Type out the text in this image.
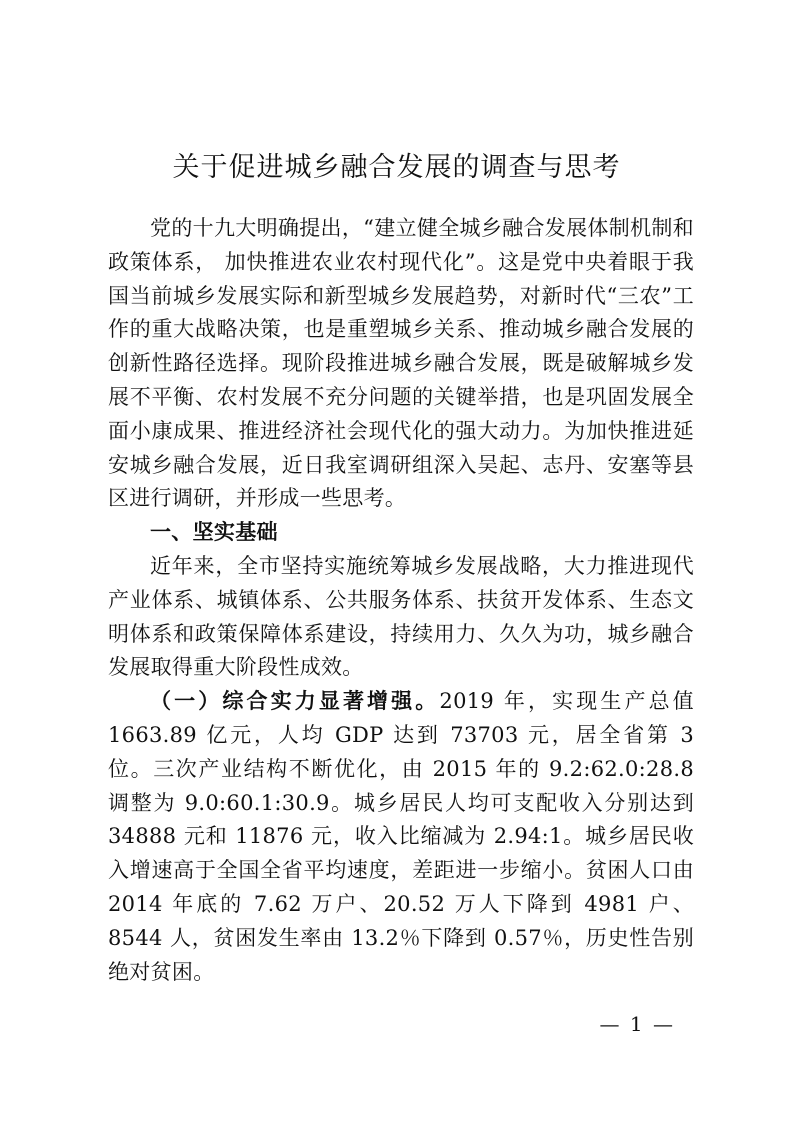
关于促进城乡融合发展的调查与思考

党的十九大明确提出，“建立健全城乡融合发展体制机制和政策体系， 加快推进农业农村现代化”。这是党中央着眼于我国当前城乡发展实际和新型城乡发展趋势，对新时代“三农”工作的重大战略决策，也是重塑城乡关系、推动城乡融合发展的创新性路径选择。现阶段推进城乡融合发展，既是破解城乡发展不平衡、农村发展不充分问题的关键举措，也是巩固发展全面小康成果、推进经济社会现代化的强大动力。为加快推进延安城乡融合发展，近日我室调研组深入吴起、志丹、安塞等县区进行调研，并形成一些思考。

一、坚实基础

近年来，全市坚持实施统筹城乡发展战略，大力推进现代产业体系、城镇体系、公共服务体系、扶贫开发体系、生态文明体系和政策保障体系建设，持续用力、久久为功，城乡融合发展取得重大阶段性成效。

（一）综合实力显著增强。2019 年，实现生产总值 1663.89 亿元，人均 GDP 达到 73703 元，居全省第 3 位。三次产业结构不断优化，由 2015 年的 9.2:62.0:28.8 调整为 9.0:60.1:30.9。城乡居民人均可支配收入分别达到 34888 元和 11876 元，收入比缩减为 2.94:1。城乡居民收入增速高于全国全省平均速度，差距进一步缩小。贫困人口由 2014 年底的 7.62 万户、20.52 万人下降到 4981 户、8544 人，贫困发生率由 13.2％下降到 0.57％，历史性告别绝对贫困。

— 1 —
